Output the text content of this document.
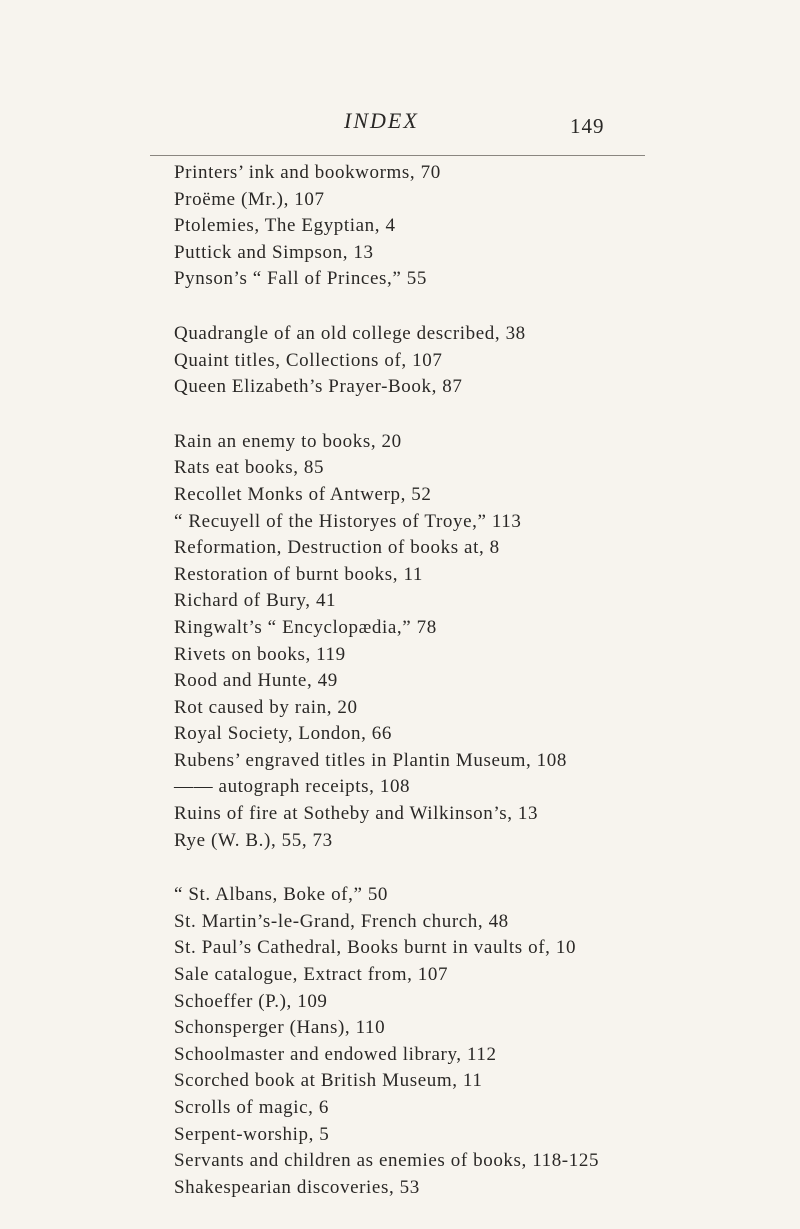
INDEX	149
Printers’ ink and bookworms, 70
Proëme (Mr.), 107
Ptolemies, The Egyptian, 4
Puttick and Simpson, 13
Pynson’s “ Fall of Princes,” 55
Quadrangle of an old college described, 38
Quaint titles, Collections of, 107
Queen Elizabeth’s Prayer-Book, 87
Rain an enemy to books, 20
Rats eat books, 85
Recollet Monks of Antwerp, 52
“ Recuyell of the Historyes of Troye,” 113
Reformation, Destruction of books at, 8
Restoration of burnt books, 11
Richard of Bury, 41
Ringwalt’s “ Encyclopædia,” 78
Rivets on books, 119
Rood and Hunte, 49
Rot caused by rain, 20
Royal Society, London, 66
Rubens’ engraved titles in Plantin Museum, 108
—— autograph receipts, 108
Ruins of fire at Sotheby and Wilkinson’s, 13
Rye (W. B.), 55, 73
“ St. Albans, Boke of,” 50
St. Martin’s-le-Grand, French church, 48
St. Paul’s Cathedral, Books burnt in vaults of, 10
Sale catalogue, Extract from, 107
Schoeffer (P.), 109
Schonsperger (Hans), 110
Schoolmaster and endowed library, 112
Scorched book at British Museum, 11
Scrolls of magic, 6
Serpent-worship, 5
Servants and children as enemies of books, 118-125
Shakespearian discoveries, 53
